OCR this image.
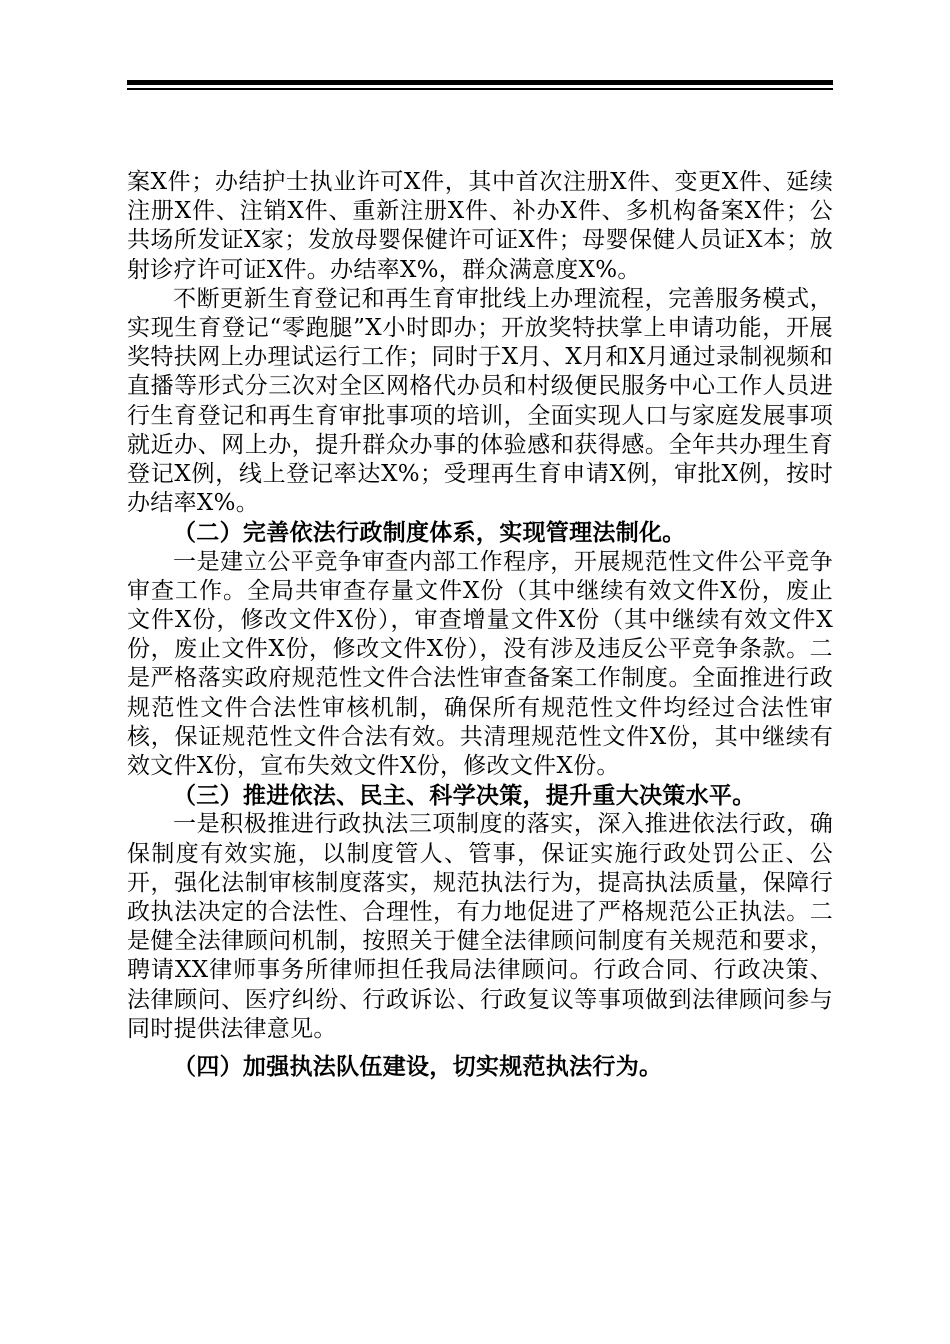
案X件；办结护士执业许可X件，其中首次注册X件、变更X件、延续注册X件、注销X件、重新注册X件、补办X件、多机构备案X件；公共场所发证X家；发放母婴保健许可证X件；母婴保健人员证X本；放射诊疗许可证X件。办结率X%，群众满意度X%。

不断更新生育登记和再生育审批线上办理流程，完善服务模式，实现生育登记“零跑腿”X小时即办；开放奖特扶掌上申请功能，开展奖特扶网上办理试运行工作；同时于X月、X月和X月通过录制视频和直播等形式分三次对全区网格代办员和村级便民服务中心工作人员进行生育登记和再生育审批事项的培训，全面实现人口与家庭发展事项就近办、网上办，提升群众办事的体验感和获得感。全年共办理生育登记X例，线上登记率达X%；受理再生育申请X例，审批X例，按时办结率X%。

（二）完善依法行政制度体系，实现管理法制化。

一是建立公平竞争审查内部工作程序，开展规范性文件公平竞争审查工作。全局共审查存量文件X份（其中继续有效文件X份，废止文件X份，修改文件X份），审查增量文件X份（其中继续有效文件X份，废止文件X份，修改文件X份），没有涉及违反公平竞争条款。二是严格落实政府规范性文件合法性审查备案工作制度。全面推进行政规范性文件合法性审核机制，确保所有规范性文件均经过合法性审核，保证规范性文件合法有效。共清理规范性文件X份，其中继续有效文件X份，宣布失效文件X份，修改文件X份。

（三）推进依法、民主、科学决策，提升重大决策水平。

一是积极推进行政执法三项制度的落实，深入推进依法行政，确保制度有效实施，以制度管人、管事，保证实施行政处罚公正、公开，强化法制审核制度落实，规范执法行为，提高执法质量，保障行政执法决定的合法性、合理性，有力地促进了严格规范公正执法。二是健全法律顾问机制，按照关于健全法律顾问制度有关规范和要求，聘请XX律师事务所律师担任我局法律顾问。行政合同、行政决策、法律顾问、医疗纠纷、行政诉讼、行政复议等事项做到法律顾问参与同时提供法律意见。

（四）加强执法队伍建设，切实规范执法行为。
